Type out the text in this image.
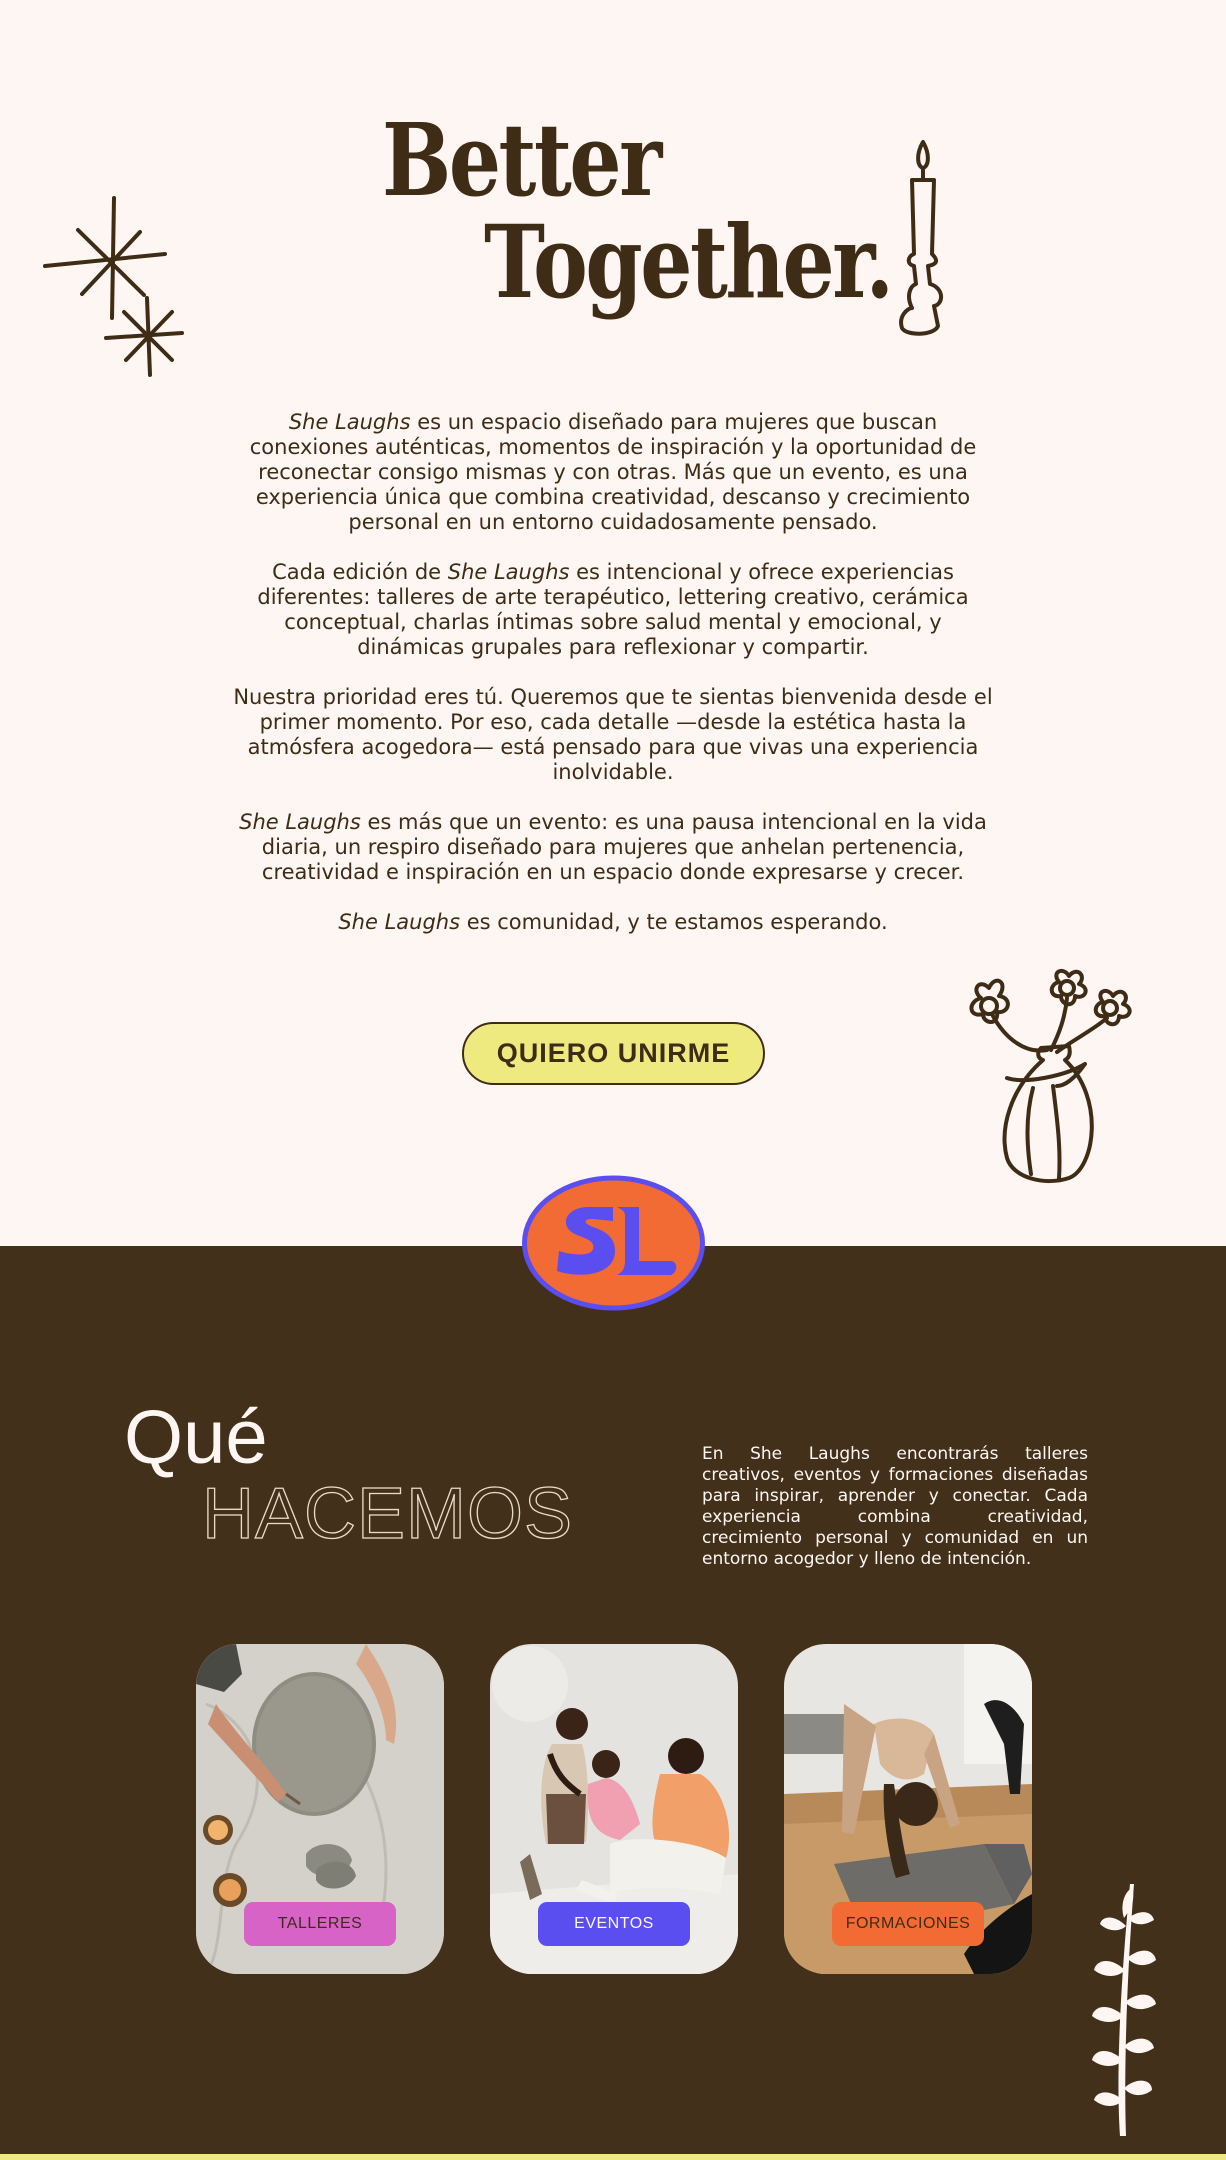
Better
Together.

She Laughs es un espacio diseñado para mujeres que buscan conexiones auténticas, momentos de inspiración y la oportunidad de reconectar consigo mismas y con otras. Más que un evento, es una experiencia única que combina creatividad, descanso y crecimiento personal en un entorno cuidadosamente pensado.

Cada edición de She Laughs es intencional y ofrece experiencias diferentes: talleres de arte terapéutico, lettering creativo, cerámica conceptual, charlas íntimas sobre salud mental y emocional, y dinámicas grupales para reflexionar y compartir.

Nuestra prioridad eres tú. Queremos que te sientas bienvenida desde el primer momento. Por eso, cada detalle —desde la estética hasta la atmósfera acogedora— está pensado para que vivas una experiencia inolvidable.

She Laughs es más que un evento: es una pausa intencional en la vida diaria, un respiro diseñado para mujeres que anhelan pertenencia, creatividad e inspiración en un espacio donde expresarse y crecer.

She Laughs es comunidad, y te estamos esperando.

QUIERO UNIRME
Qué
HACEMOS
En She Laughs encontrarás talleres creativos, eventos y formaciones diseñadas para inspirar, aprender y conectar. Cada experiencia combina creatividad, crecimiento personal y comunidad en un entorno acogedor y lleno de intención.
TALLERES	EVENTOS	FORMACIONES
